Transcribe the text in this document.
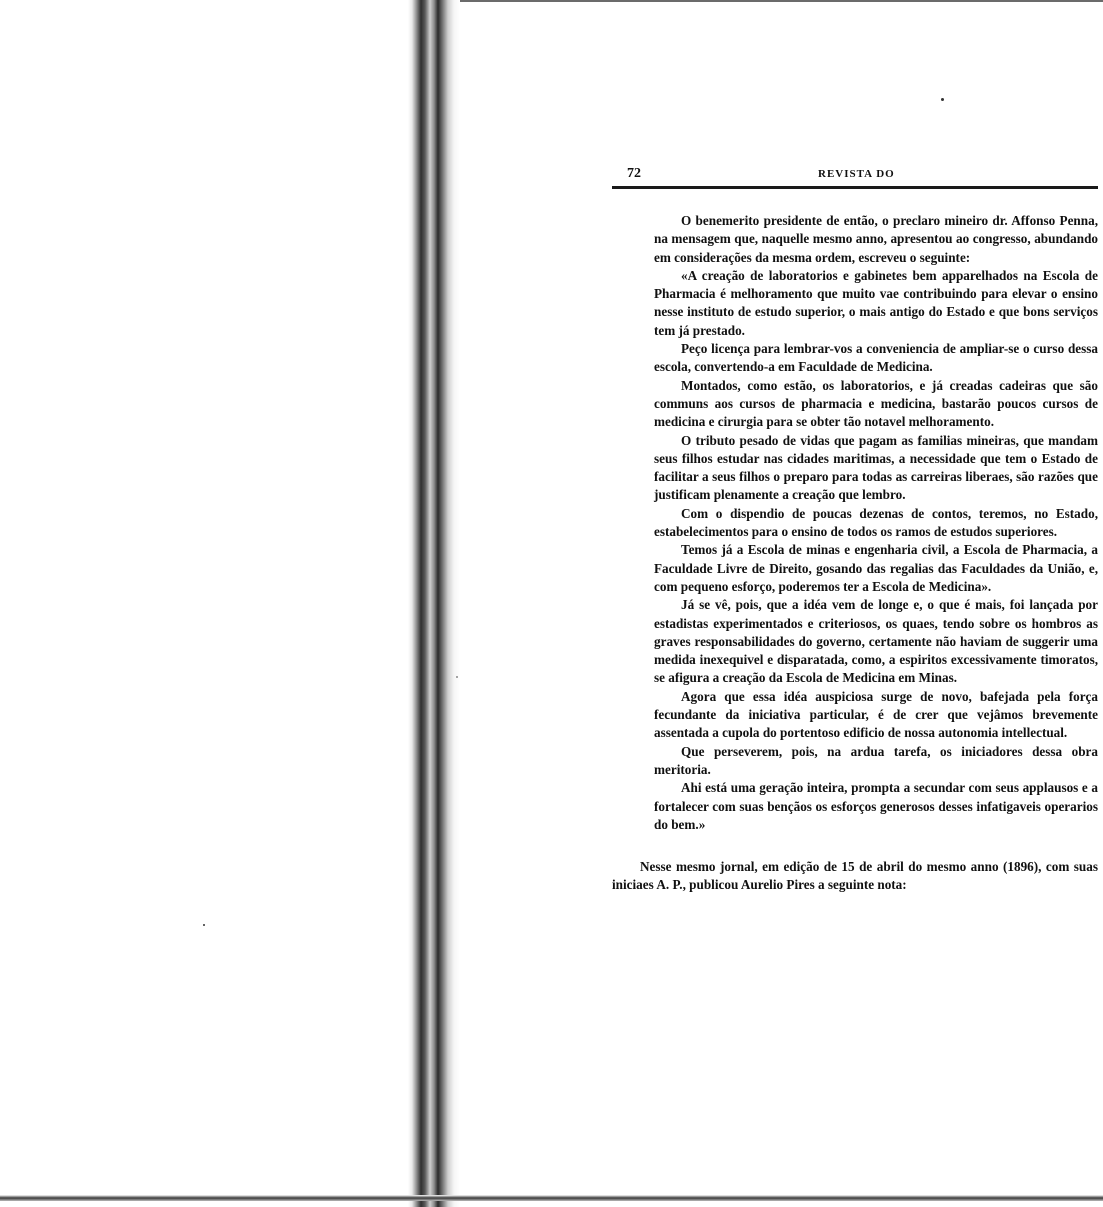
72	REVISTA DO

O benemerito presidente de então, o preclaro mineiro dr. Affonso Penna, na mensagem que, naquelle mesmo anno, apresentou ao congresso, abundando em considerações da mesma ordem, escreveu o seguinte:

«A creação de laboratorios e gabinetes bem apparelhados na Escola de Pharmacia é melhoramento que muito vae contribuindo para elevar o ensino nesse instituto de estudo superior, o mais antigo do Estado e que bons serviços tem já prestado.

Peço licença para lembrar-vos a conveniencia de ampliar-se o curso dessa escola, convertendo-a em Faculdade de Medicina.

Montados, como estão, os laboratorios, e já creadas cadeiras que são communs aos cursos de pharmacia e medicina, bastarão poucos cursos de medicina e cirurgia para se obter tão notavel melhoramento.

O tributo pesado de vidas que pagam as familias mineiras, que mandam seus filhos estudar nas cidades maritimas, a necessidade que tem o Estado de facilitar a seus filhos o preparo para todas as carreiras liberaes, são razões que justificam plenamente a creação que lembro.

Com o dispendio de poucas dezenas de contos, teremos, no Estado, estabelecimentos para o ensino de todos os ramos de estudos superiores.

Temos já a Escola de minas e engenharia civil, a Escola de Pharmacia, a Faculdade Livre de Direito, gosando das regalias das Faculdades da União, e, com pequeno esforço, poderemos ter a Escola de Medicina».

Já se vê, pois, que a idéa vem de longe e, o que é mais, foi lançada por estadistas experimentados e criteriosos, os quaes, tendo sobre os hombros as graves responsabilidades do governo, certamente não haviam de suggerir uma medida inexequivel e disparatada, como, a espiritos excessivamente timoratos, se afigura a creação da Escola de Medicina em Minas.

Agora que essa idéa auspiciosa surge de novo, bafejada pela força fecundante da iniciativa particular, é de crer que vejâmos brevemente assentada a cupola do portentoso edificio de nossa autonomia intellectual.

Que perseverem, pois, na ardua tarefa, os iniciadores dessa obra meritoria.

Ahi está uma geração inteira, prompta a secundar com seus applausos e a fortalecer com suas bençãos os esforços generosos desses infatigaveis operarios do bem.»

Nesse mesmo jornal, em edição de 15 de abril do mesmo anno (1896), com suas iniciaes A. P., publicou Aurelio Pires a seguinte nota:
